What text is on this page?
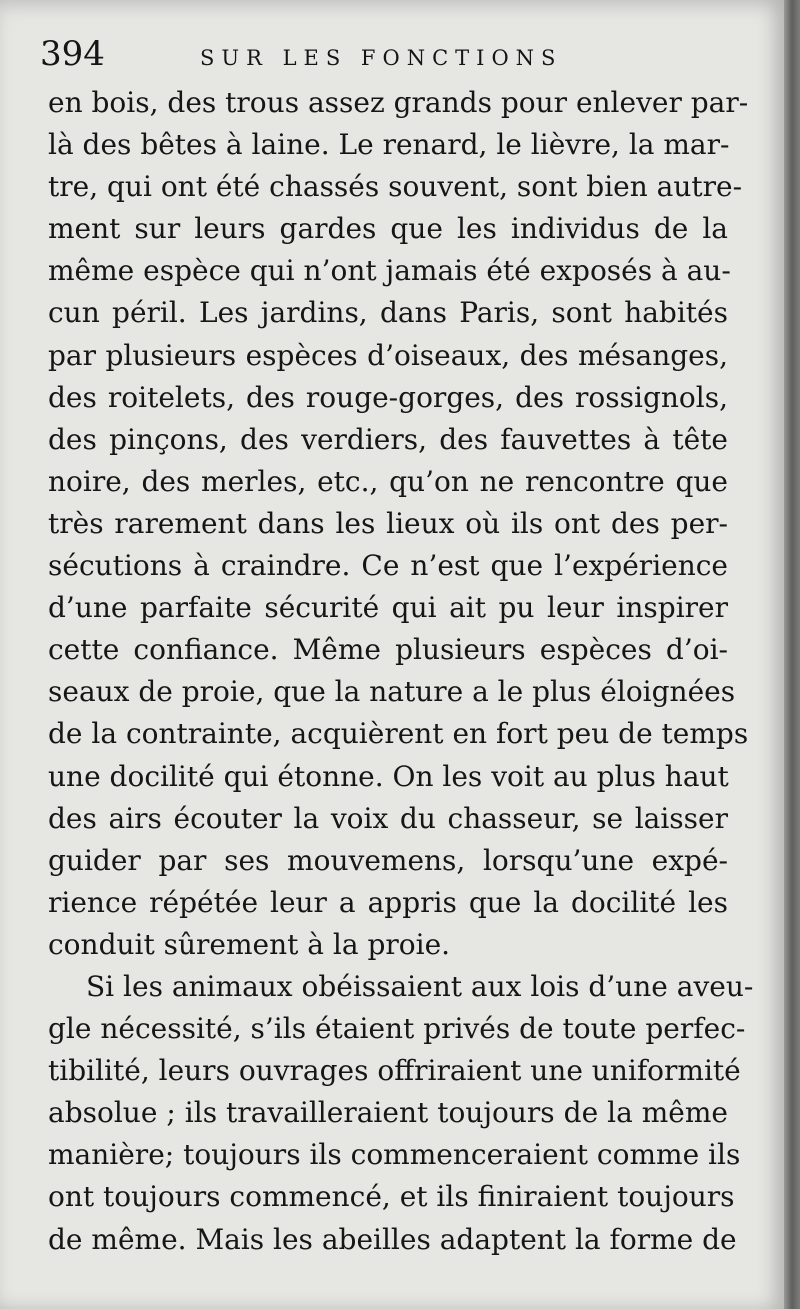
394	SUR LES FONCTIONS
en bois, des trous assez grands pour enlever par-
là des bêtes à laine. Le renard, le lièvre, la mar-
tre, qui ont été chassés souvent, sont bien autre-
ment sur leurs gardes que les individus de la
même espèce qui n’ont jamais été exposés à au-
cun péril. Les jardins, dans Paris, sont habités
par plusieurs espèces d’oiseaux, des mésanges,
des roitelets, des rouge-gorges, des rossignols,
des pinçons, des verdiers, des fauvettes à tête
noire, des merles, etc., qu’on ne rencontre que
très rarement dans les lieux où ils ont des per-
sécutions à craindre. Ce n’est que l’expérience
d’une parfaite sécurité qui ait pu leur inspirer
cette confiance. Même plusieurs espèces d’oi-
seaux de proie, que la nature a le plus éloignées
de la contrainte, acquièrent en fort peu de temps
une docilité qui étonne. On les voit au plus haut
des airs écouter la voix du chasseur, se laisser
guider par ses mouvemens, lorsqu’une expé-
rience répétée leur a appris que la docilité les
conduit sûrement à la proie.
Si les animaux obéissaient aux lois d’une aveu-
gle nécessité, s’ils étaient privés de toute perfec-
tibilité, leurs ouvrages offriraient une uniformité
absolue ; ils travailleraient toujours de la même
manière; toujours ils commenceraient comme ils
ont toujours commencé, et ils finiraient toujours
de même. Mais les abeilles adaptent la forme de
